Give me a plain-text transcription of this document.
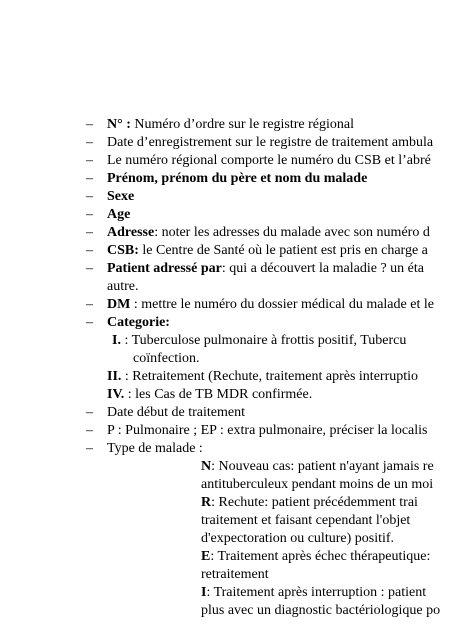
– N° : Numéro d’ordre sur le registre régional
– Date d’enregistrement sur le registre de traitement ambula
– Le numéro régional comporte le numéro du CSB et l’abré
– Prénom, prénom du père et nom du malade
– Sexe
– Age
– Adresse: noter les adresses du malade avec son numéro d
– CSB: le Centre de Santé où le patient est pris en charge a
– Patient adressé par: qui a découvert la maladie ? un éta
autre.
– DM : mettre le numéro du dossier médical du malade et le
– Categorie:
I. : Tuberculose pulmonaire à frottis positif, Tubercu
coïnfection.
II. : Retraitement (Rechute, traitement après interruptio
IV. : les Cas de TB MDR confirmée.
– Date début de traitement
– P : Pulmonaire ; EP : extra pulmonaire, préciser la localis
– Type de malade :
N: Nouveau cas: patient n'ayant jamais re
antituberculeux pendant moins de un moi
R: Rechute: patient précédemment trai
traitement et faisant cependant l'objet
d'expectoration ou culture) positif.
E: Traitement après échec thérapeutique:
retraitement
I: Traitement après interruption : patient
plus avec un diagnostic bactériologique po
